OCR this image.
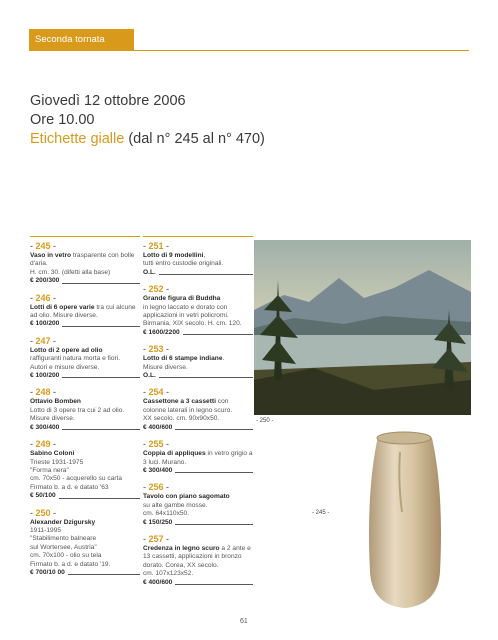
Seconda tornata
Giovedì 12 ottobre 2006
Ore 10.00
Etichette gialle (dal n° 245 al n° 470)
- 245 -
Vaso in vetro trasparente con bolle d'aria.
H. cm. 30. (difetti alla base)
€ 200/300
- 246 -
Lotti di 6 opere varie tra cui alcune ad olio. Misure diverse.
€ 100/200
- 247 -
Lotto di 2 opere ad olio
raffiguranti natura morta e fiori.
Autori e misure diverse.
€ 100/200
- 248 -
Ottavio Bomben
Lotto di 3 opere tra cui 2 ad olio.
Misure diverse.
€ 300/400
- 249 -
Sabino Coloni
Trieste 1931-1975
"Forma nera"
cm. 70x50 - acquerello su carta
Firmato b. a d. e datato '63
€ 50/100
- 250 -
Alexander Dzigursky
1911-1995
"Stabilimento balneare
sul Wortersee, Austria"
cm. 70x100 - olio su tela
Firmato b. a d. e datato '19.
€ 700/10 00
- 251 -
Lotto di 9 modellini,
tutti entro custodie originali.
O.L.
- 252 -
Grande figura di Buddha
in legno laccato e dorato con
applicazioni in vetri policromi.
Birmania, XIX secolo. H. cm. 120.
€ 1600/2200
- 253 -
Lotto di 6 stampe indiane.
Misure diverse.
O.L.
- 254 -
Cassettone a 3 cassetti con colonne laterali in legno scuro.
XX secolo. cm. 90x90x50.
€ 400/600
- 255 -
Coppia di appliques in vetro grigio a 3 luci. Murano.
€ 300/400
- 256 -
Tavolo con piano sagomato
su alte gambe mosse.
cm. 64x110x50.
€ 150/250
- 257 -
Credenza in legno scuro a 2 ante e 13 cassetti, applicazioni in bronzo dorato. Corea, XX secolo.
cm. 107x123x52.
€ 400/600
- 250 -
- 245 -
61
